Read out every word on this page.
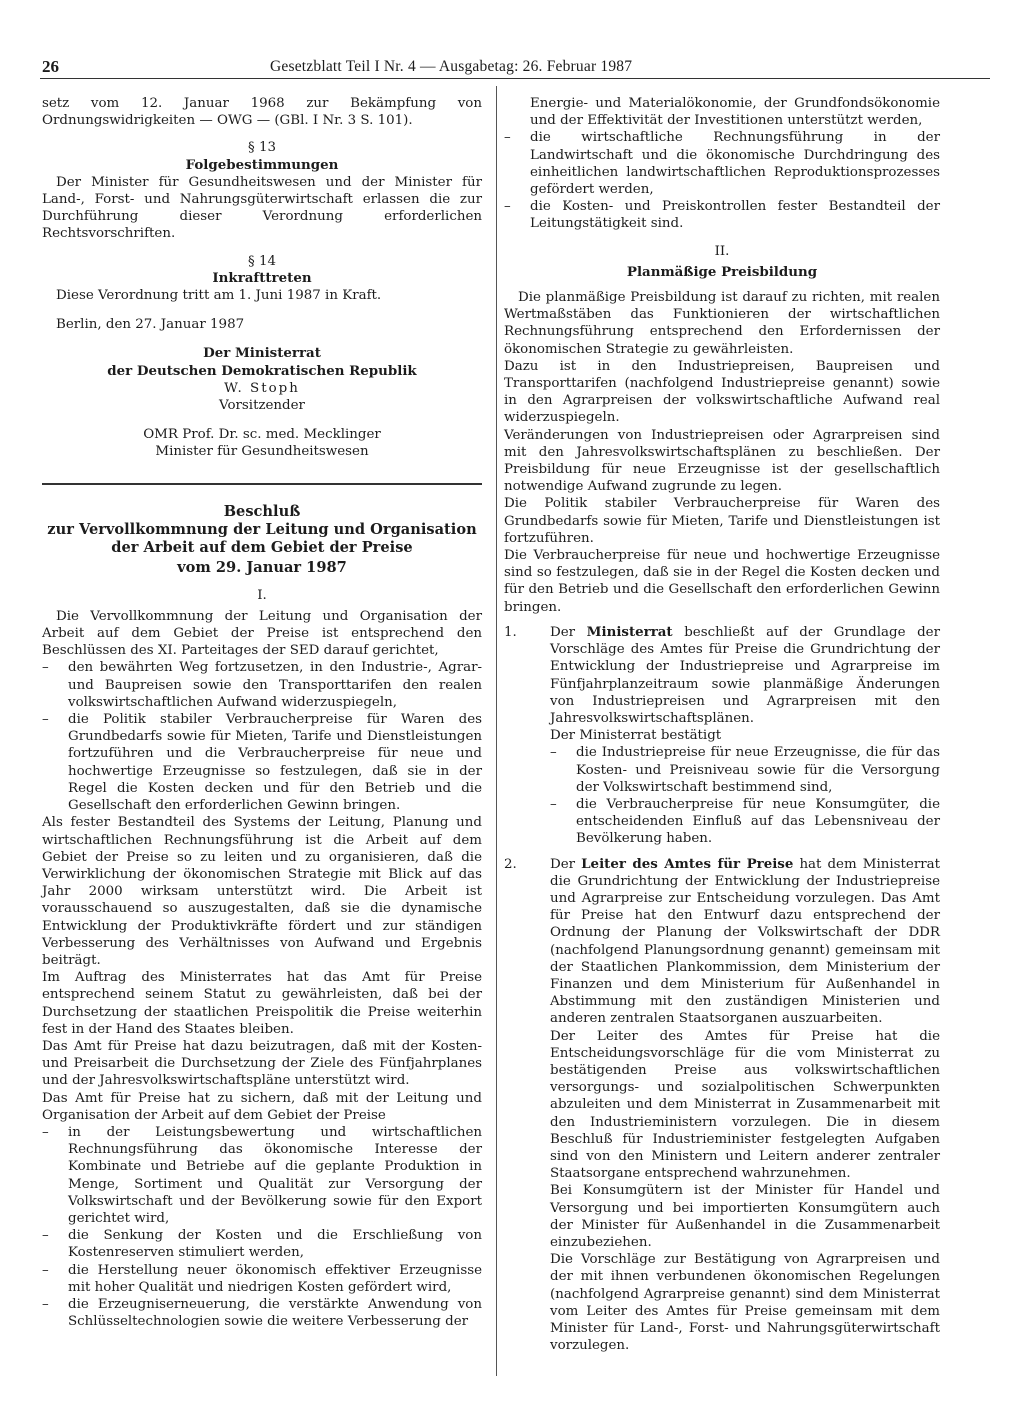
26	Gesetzblatt Teil I Nr. 4 — Ausgabetag: 26. Februar 1987

setz vom 12. Januar 1968 zur Bekämpfung von Ordnungswidrigkeiten — OWG — (GBl. I Nr. 3 S. 101).

§ 13
Folgebestimmungen

Der Minister für Gesundheitswesen und der Minister für Land-, Forst- und Nahrungsgüterwirtschaft erlassen die zur Durchführung dieser Verordnung erforderlichen Rechtsvorschriften.

§ 14
Inkrafttreten

Diese Verordnung tritt am 1. Juni 1987 in Kraft.

Berlin, den 27. Januar 1987

Der Ministerrat
der Deutschen Demokratischen Republik
W. Stoph
Vorsitzender
OMR Prof. Dr. sc. med. Mecklinger
Minister für Gesundheitswesen
Beschluß
zur Vervollkommnung der Leitung und Organisation
der Arbeit auf dem Gebiet der Preise
vom 29. Januar 1987
I.

Die Vervollkommnung der Leitung und Organisation der Arbeit auf dem Gebiet der Preise ist entsprechend den Beschlüssen des XI. Parteitages der SED darauf gerichtet,

– den bewährten Weg fortzusetzen, in den Industrie-, Agrar- und Baupreisen sowie den Transporttarifen den realen volkswirtschaftlichen Aufwand widerzuspiegeln,
– die Politik stabiler Verbraucherpreise für Waren des Grundbedarfs sowie für Mieten, Tarife und Dienstleistungen fortzuführen und die Verbraucherpreise für neue und hochwertige Erzeugnisse so festzulegen, daß sie in der Regel die Kosten decken und für den Betrieb und die Gesellschaft den erforderlichen Gewinn bringen.

Als fester Bestandteil des Systems der Leitung, Planung und wirtschaftlichen Rechnungsführung ist die Arbeit auf dem Gebiet der Preise so zu leiten und zu organisieren, daß die Verwirklichung der ökonomischen Strategie mit Blick auf das Jahr 2000 wirksam unterstützt wird. Die Arbeit ist vorausschauend so auszugestalten, daß sie die dynamische Entwicklung der Produktivkräfte fördert und zur ständigen Verbesserung des Verhältnisses von Aufwand und Ergebnis beiträgt.

Im Auftrag des Ministerrates hat das Amt für Preise entsprechend seinem Statut zu gewährleisten, daß bei der Durchsetzung der staatlichen Preispolitik die Preise weiterhin fest in der Hand des Staates bleiben.

Das Amt für Preise hat dazu beizutragen, daß mit der Kosten- und Preisarbeit die Durchsetzung der Ziele des Fünfjahrplanes und der Jahresvolkswirtschaftspläne unterstützt wird.

Das Amt für Preise hat zu sichern, daß mit der Leitung und Organisation der Arbeit auf dem Gebiet der Preise

– in der Leistungsbewertung und wirtschaftlichen Rechnungsführung das ökonomische Interesse der Kombinate und Betriebe auf die geplante Produktion in Menge, Sortiment und Qualität zur Versorgung der Volkswirtschaft und der Bevölkerung sowie für den Export gerichtet wird,
– die Senkung der Kosten und die Erschließung von Kostenreserven stimuliert werden,
– die Herstellung neuer ökonomisch effektiver Erzeugnisse mit hoher Qualität und niedrigen Kosten gefördert wird,
– die Erzeugniserneuerung, die verstärkte Anwendung von Schlüsseltechnologien sowie die weitere Verbesserung der

Energie- und Materialökonomie, der Grundfondsökonomie und der Effektivität der Investitionen unterstützt werden,

– die wirtschaftliche Rechnungsführung in der Landwirtschaft und die ökonomische Durchdringung des einheitlichen landwirtschaftlichen Reproduktionsprozesses gefördert werden,
– die Kosten- und Preiskontrollen fester Bestandteil der Leitungstätigkeit sind.
II.
Planmäßige Preisbildung

Die planmäßige Preisbildung ist darauf zu richten, mit realen Wertmaßstäben das Funktionieren der wirtschaftlichen Rechnungsführung entsprechend den Erfordernissen der ökonomischen Strategie zu gewährleisten.

Dazu ist in den Industriepreisen, Baupreisen und Transporttarifen (nachfolgend Industriepreise genannt) sowie in den Agrarpreisen der volkswirtschaftliche Aufwand real widerzuspiegeln.

Veränderungen von Industriepreisen oder Agrarpreisen sind mit den Jahresvolkswirtschaftsplänen zu beschließen. Der Preisbildung für neue Erzeugnisse ist der gesellschaftlich notwendige Aufwand zugrunde zu legen.

Die Politik stabiler Verbraucherpreise für Waren des Grundbedarfs sowie für Mieten, Tarife und Dienstleistungen ist fortzuführen.

Die Verbraucherpreise für neue und hochwertige Erzeugnisse sind so festzulegen, daß sie in der Regel die Kosten decken und für den Betrieb und die Gesellschaft den erforderlichen Gewinn bringen.

1. Der Ministerrat beschließt auf der Grundlage der Vorschläge des Amtes für Preise die Grundrichtung der Entwicklung der Industriepreise und Agrarpreise im Fünfjahrplanzeitraum sowie planmäßige Änderungen von Industriepreisen und Agrarpreisen mit den Jahresvolkswirtschaftsplänen.

Der Ministerrat bestätigt

– die Industriepreise für neue Erzeugnisse, die für das Kosten- und Preisniveau sowie für die Versorgung der Volkswirtschaft bestimmend sind,
– die Verbraucherpreise für neue Konsumgüter, die entscheidenden Einfluß auf das Lebensniveau der Bevölkerung haben.
2. Der Leiter des Amtes für Preise hat dem Ministerrat die Grundrichtung der Entwicklung der Industriepreise und Agrarpreise zur Entscheidung vorzulegen. Das Amt für Preise hat den Entwurf dazu entsprechend der Ordnung der Planung der Volkswirtschaft der DDR (nachfolgend Planungsordnung genannt) gemeinsam mit der Staatlichen Plankommission, dem Ministerium der Finanzen und dem Ministerium für Außenhandel in Abstimmung mit den zuständigen Ministerien und anderen zentralen Staatsorganen auszuarbeiten.

Der Leiter des Amtes für Preise hat die Entscheidungsvorschläge für die vom Ministerrat zu bestätigenden Preise aus volkswirtschaftlichen versorgungs- und sozialpolitischen Schwerpunkten abzuleiten und dem Ministerrat in Zusammenarbeit mit den Industrieministern vorzulegen. Die in diesem Beschluß für Industrieminister festgelegten Aufgaben sind von den Ministern und Leitern anderer zentraler Staatsorgane entsprechend wahrzunehmen.

Bei Konsumgütern ist der Minister für Handel und Versorgung und bei importierten Konsumgütern auch der Minister für Außenhandel in die Zusammenarbeit einzubeziehen.

Die Vorschläge zur Bestätigung von Agrarpreisen und der mit ihnen verbundenen ökonomischen Regelungen (nachfolgend Agrarpreise genannt) sind dem Ministerrat vom Leiter des Amtes für Preise gemeinsam mit dem Minister für Land-, Forst- und Nahrungsgüterwirtschaft vorzulegen.
